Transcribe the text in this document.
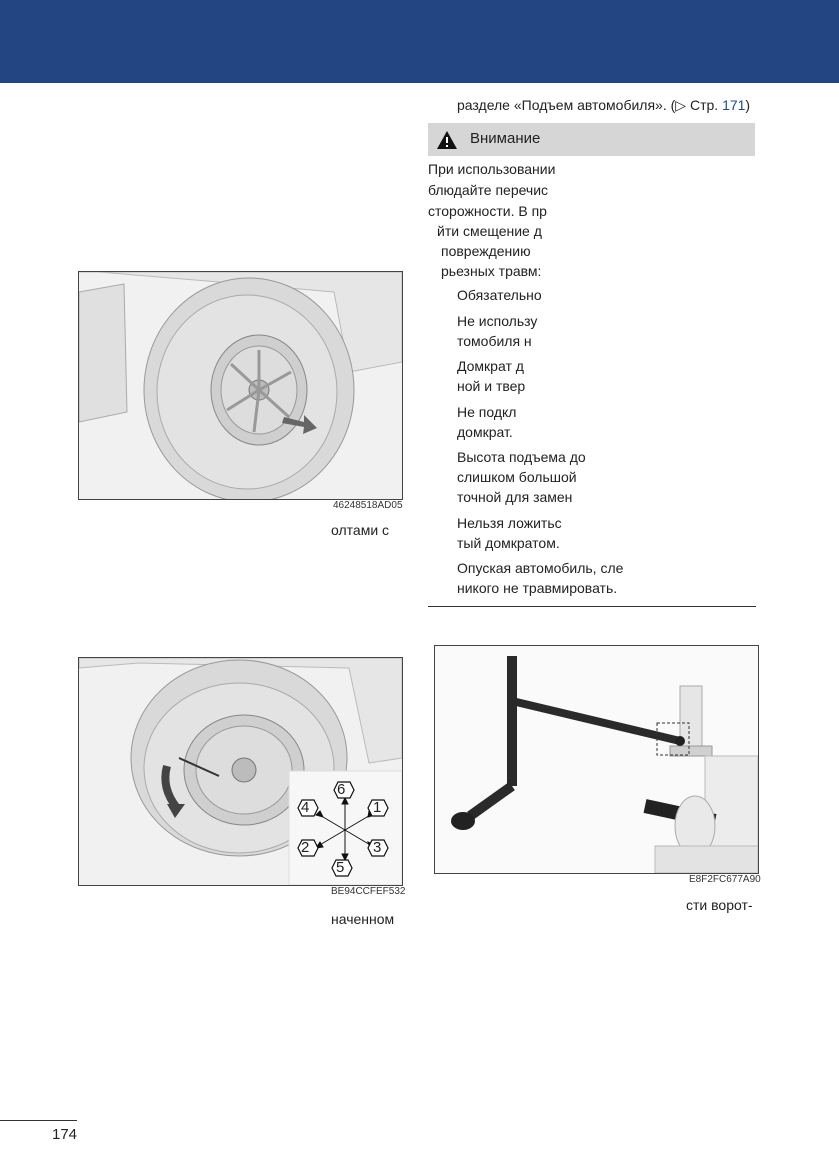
разделе «Подъем автомобиля». (▷ Стр. 171)
Внимание
При использовании
блюдайте перечис
сторожности. В пр
йти смещение д
повреждению
рьезных травм:
Обязательно
Не использу
томобиля н
Домкрат д
ной и твер
Не подкл
домкрат.
Высота подъема до
слишком большой
точной для замен
Нельзя ложитьс
тый домкратом.
Опуская автомобиль, сле
никого не травмировать.
46248518AD05
олтами с
6
4	1
2	3
5
BE94CCFEF532
наченном
E8F2FC677A90
сти ворот-
174
